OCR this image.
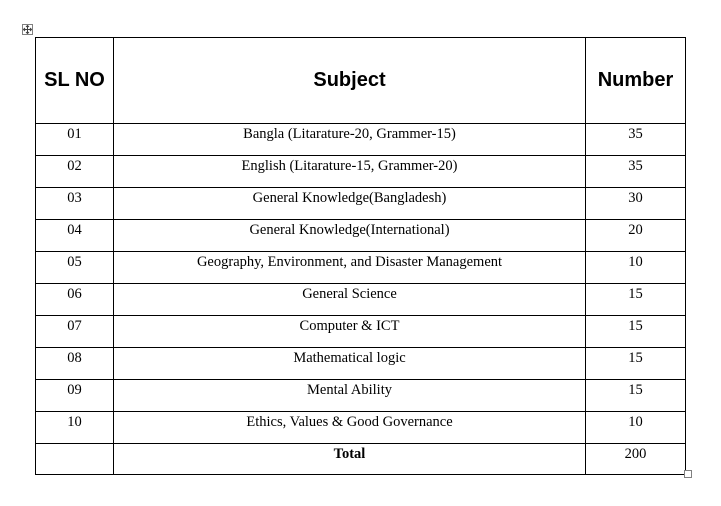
SL NO	Subject	Number
01	Bangla (Litarature-20, Grammer-15)	35
02	English (Litarature-15, Grammer-20)	35
03	General Knowledge(Bangladesh)	30
04	General Knowledge(International)	20
05	Geography, Environment, and Disaster Management	10
06	General Science	15
07	Computer & ICT	15
08	Mathematical logic	15
09	Mental Ability	15
10	Ethics, Values & Good Governance	10
	Total	200
